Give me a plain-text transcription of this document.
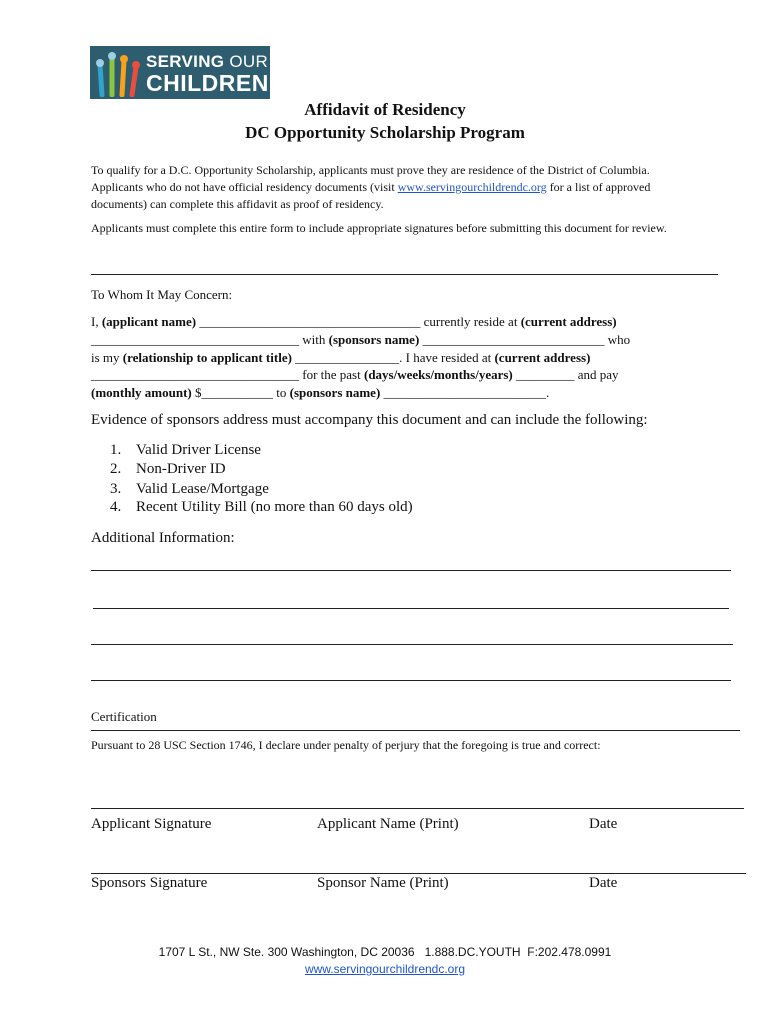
SERVING OUR
CHILDREN
Affidavit of Residency
DC Opportunity Scholarship Program
To qualify for a D.C. Opportunity Scholarship, applicants must prove they are residence of the District of Columbia. Applicants who do not have official residency documents (visit www.servingourchildrendc.org for a list of approved documents) can complete this affidavit as proof of residency.
Applicants must complete this entire form to include appropriate signatures before submitting this document for review.
To Whom It May Concern:
I, (applicant name) __________________________________ currently reside at (current address)
________________________________ with (sponsors name) ____________________________ who
is my (relationship to applicant title) ________________. I have resided at (current address)
________________________________ for the past (days/weeks/months/years) _________ and pay
(monthly amount) $___________ to (sponsors name) _________________________.
Evidence of sponsors address must accompany this document and can include the following:
1. Valid Driver License
2. Non-Driver ID
3. Valid Lease/Mortgage
4. Recent Utility Bill (no more than 60 days old)
Additional Information:
Certification
Pursuant to 28 USC Section 1746, I declare under penalty of perjury that the foregoing is true and correct:
Applicant Signature	Applicant Name (Print)	Date
Sponsors Signature	Sponsor Name (Print)	Date
1707 L St., NW Ste. 300 Washington, DC 20036   1.888.DC.YOUTH  F:202.478.0991
www.servingourchildrendc.org
